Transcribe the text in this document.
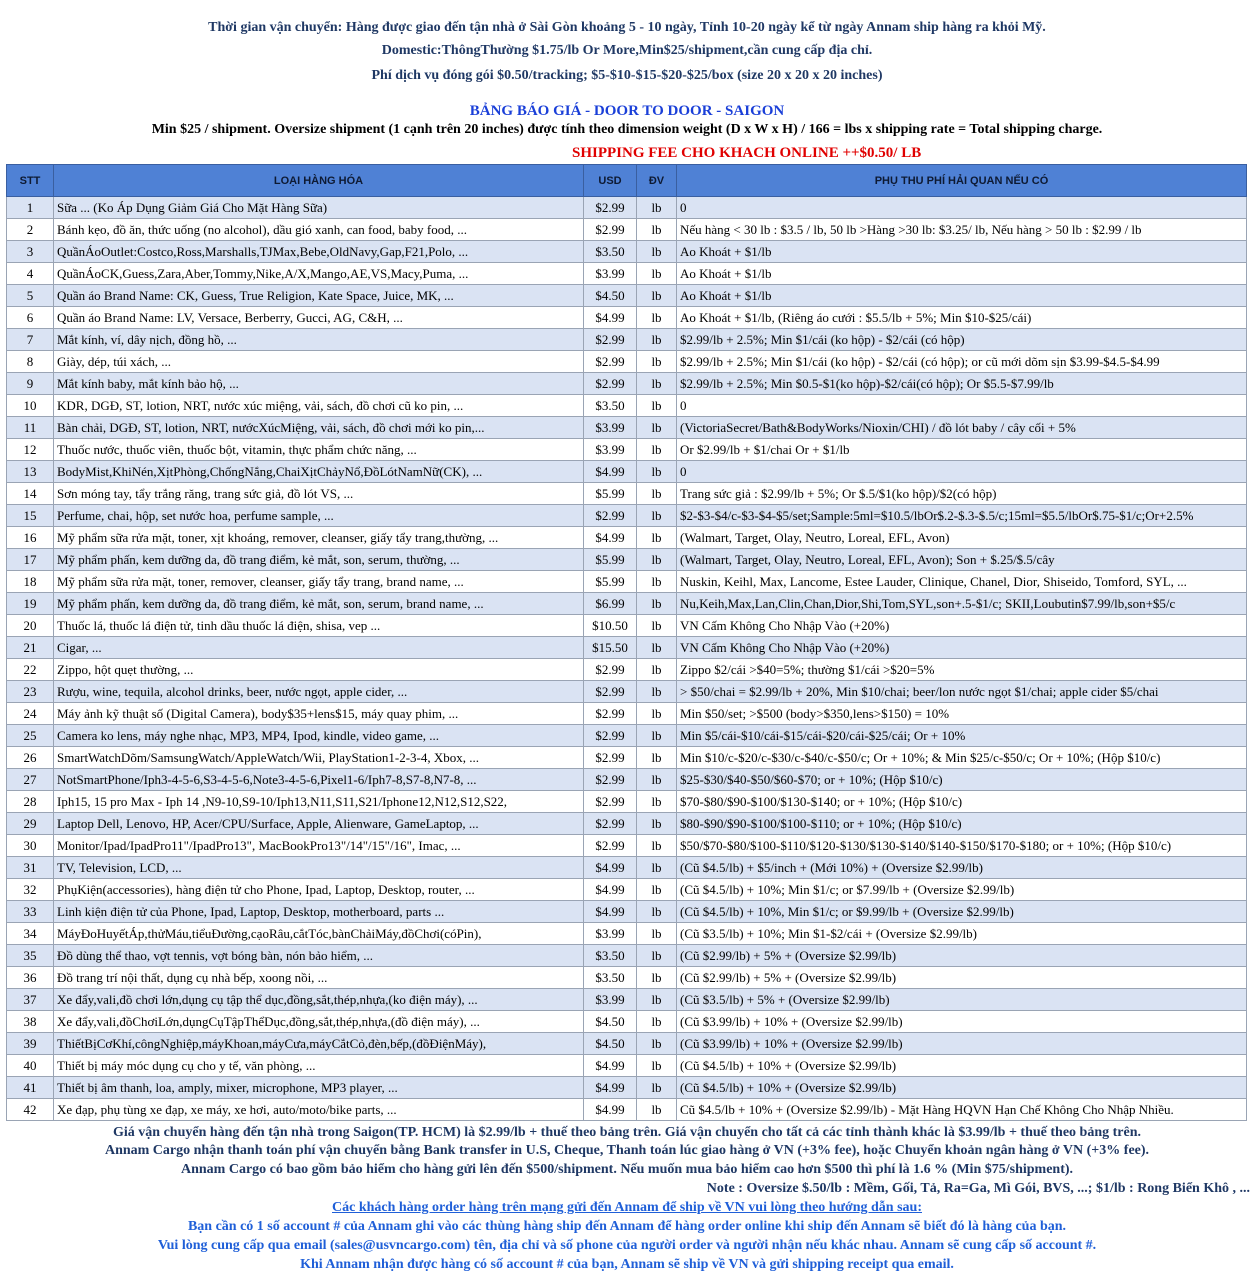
Thời gian vận chuyển: Hàng được giao đến tận nhà ở Sài Gòn khoảng 5 - 10 ngày, Tỉnh 10-20 ngày kể từ ngày Annam ship hàng ra khỏi Mỹ.
Domestic:ThôngThường $1.75/lb Or More,Min$25/shipment,cần cung cấp địa chỉ.
Phí dịch vụ đóng gói $0.50/tracking; $5-$10-$15-$20-$25/box (size 20 x 20 x 20 inches)
BẢNG BÁO GIÁ - DOOR TO DOOR - SAIGON
Min $25 / shipment. Oversize shipment (1 cạnh trên 20 inches) được tính theo dimension weight (D x W x H) / 166 = lbs x shipping rate = Total shipping charge.
SHIPPING FEE CHO KHACH ONLINE ++$0.50/ LB
STT	LOẠI HÀNG HÓA	USD	ĐV	PHỤ THU PHÍ HẢI QUAN NẾU CÓ
1	Sữa ... (Ko Áp Dụng Giảm Giá Cho Mặt Hàng Sữa)	$2.99	lb	0
2	Bánh kẹo, đồ ăn, thức uống (no alcohol), dầu gió xanh, can food, baby food, ...	$2.99	lb	Nếu hàng < 30 lb : $3.5 / lb, 50 lb >Hàng >30 lb: $3.25/ lb, Nếu hàng > 50 lb : $2.99 / lb
3	QuầnÁoOutlet:Costco,Ross,Marshalls,TJMax,Bebe,OldNavy,Gap,F21,Polo, ...	$3.50	lb	Ao Khoát + $1/lb
4	QuầnÁoCK,Guess,Zara,Aber,Tommy,Nike,A/X,Mango,AE,VS,Macy,Puma, ...	$3.99	lb	Ao Khoát + $1/lb
5	Quần áo Brand Name: CK, Guess, True Religion, Kate Space, Juice, MK, ...	$4.50	lb	Ao Khoát + $1/lb
6	Quần áo Brand Name: LV, Versace, Berberry, Gucci, AG, C&H, ...	$4.99	lb	Ao Khoát + $1/lb, (Riêng áo cưới : $5.5/lb + 5%; Min $10-$25/cái)
7	Mắt kính, ví, dây nịch, đồng hồ, ...	$2.99	lb	$2.99/lb + 2.5%; Min $1/cái (ko hộp) - $2/cái (có hộp)
8	Giày, dép, túi xách, ...	$2.99	lb	$2.99/lb + 2.5%; Min $1/cái (ko hộp) - $2/cái (có hộp); or cũ mới dõm sịn $3.99-$4.5-$4.99
9	Mắt kính baby, mắt kính bảo hộ, ...	$2.99	lb	$2.99/lb + 2.5%; Min $0.5-$1(ko hộp)-$2/cái(có hộp); Or $5.5-$7.99/lb
10	KDR, DGĐ, ST, lotion, NRT, nước xúc miệng, vải, sách, đồ chơi cũ ko pin, ...	$3.50	lb	0
11	Bàn chải, DGĐ, ST, lotion, NRT, nướcXúcMiệng, vải, sách, đồ chơi mới ko pin,...	$3.99	lb	(VictoriaSecret/Bath&BodyWorks/Nioxin/CHI) / đồ lót baby / cây cối + 5%
12	Thuốc nước, thuốc viên, thuốc bột, vitamin, thực phẩm chức năng, ...	$3.99	lb	Or $2.99/lb + $1/chai Or + $1/lb
13	BodyMist,KhiNén,XịtPhòng,ChốngNắng,ChaiXịtChảyNổ,ĐồLótNamNữ(CK), ...	$4.99	lb	0
14	Sơn móng tay, tẩy trắng răng, trang sức giả, đồ lót VS, ...	$5.99	lb	Trang sức giả : $2.99/lb + 5%; Or $.5/$1(ko hộp)/$2(có hộp)
15	Perfume, chai, hộp, set nước hoa, perfume sample, ...	$2.99	lb	$2-$3-$4/c-$3-$4-$5/set;Sample:5ml=$10.5/lbOr$.2-$.3-$.5/c;15ml=$5.5/lbOr$.75-$1/c;Or+2.5%
16	Mỹ phẩm sữa rửa mặt, toner, xịt khoáng, remover, cleanser, giấy tẩy trang,thường, ...	$4.99	lb	(Walmart, Target, Olay, Neutro, Loreal, EFL, Avon)
17	Mỹ phẩm phấn, kem dưỡng da, đồ trang điểm, kẻ mắt, son, serum, thường, ...	$5.99	lb	(Walmart, Target, Olay, Neutro, Loreal, EFL, Avon); Son + $.25/$.5/cây
18	Mỹ phẩm sữa rửa mặt, toner, remover, cleanser, giấy tẩy trang, brand name, ...	$5.99	lb	Nuskin, Keihl, Max, Lancome, Estee Lauder, Clinique, Chanel, Dior, Shiseido, Tomford, SYL, ...
19	Mỹ phẩm phấn, kem dưỡng da, đồ trang điểm, kẻ mắt, son, serum, brand name, ...	$6.99	lb	Nu,Keih,Max,Lan,Clin,Chan,Dior,Shi,Tom,SYL,son+.5-$1/c; SKII,Loubutin$7.99/lb,son+$5/c
20	Thuốc lá, thuốc lá điện tử, tinh dầu thuốc lá điện, shisa, vep ...	$10.50	lb	VN Cấm Không Cho Nhập Vào (+20%)
21	Cigar, ...	$15.50	lb	VN Cấm Không Cho Nhập Vào (+20%)
22	Zippo, hột quẹt thường, ...	$2.99	lb	Zippo $2/cái >$40=5%; thường $1/cái >$20=5%
23	Rượu, wine, tequila, alcohol drinks, beer, nước ngọt, apple cider, ...	$2.99	lb	> $50/chai = $2.99/lb + 20%, Min $10/chai; beer/lon nước ngọt $1/chai; apple cider $5/chai
24	Máy ảnh kỹ thuật số (Digital Camera), body$35+lens$15, máy quay phim, ...	$2.99	lb	Min $50/set; >$500 (body>$350,lens>$150) = 10%
25	Camera ko lens, máy nghe nhạc, MP3, MP4, Ipod, kindle, video game, ...	$2.99	lb	Min $5/cái-$10/cái-$15/cái-$20/cái-$25/cái; Or + 10%
26	SmartWatchDõm/SamsungWatch/AppleWatch/Wii, PlayStation1-2-3-4, Xbox, ...	$2.99	lb	Min $10/c-$20/c-$30/c-$40/c-$50/c; Or + 10%; & Min $25/c-$50/c; Or + 10%; (Hộp $10/c)
27	NotSmartPhone/Iph3-4-5-6,S3-4-5-6,Note3-4-5-6,Pixel1-6/Iph7-8,S7-8,N7-8, ...	$2.99	lb	$25-$30/$40-$50/$60-$70; or + 10%; (Hộp $10/c)
28	Iph15, 15 pro Max - Iph 14 ,N9-10,S9-10/Iph13,N11,S11,S21/Iphone12,N12,S12,S22,	$2.99	lb	$70-$80/$90-$100/$130-$140; or + 10%; (Hộp $10/c)
29	Laptop Dell, Lenovo, HP, Acer/CPU/Surface, Apple, Alienware, GameLaptop, ...	$2.99	lb	$80-$90/$90-$100/$100-$110; or + 10%; (Hộp $10/c)
30	Monitor/Ipad/IpadPro11"/IpadPro13", MacBookPro13"/14"/15"/16", Imac, ...	$2.99	lb	$50/$70-$80/$100-$110/$120-$130/$130-$140/$140-$150/$170-$180; or + 10%; (Hộp $10/c)
31	TV, Television, LCD, ...	$4.99	lb	(Cũ $4.5/lb) + $5/inch + (Mới 10%) + (Oversize $2.99/lb)
32	PhụKiện(accessories), hàng điện tử cho Phone, Ipad, Laptop, Desktop, router, ...	$4.99	lb	(Cũ $4.5/lb) + 10%; Min $1/c; or $7.99/lb + (Oversize $2.99/lb)
33	Linh kiện điện tử của Phone, Ipad, Laptop, Desktop, motherboard, parts ...	$4.99	lb	(Cũ $4.5/lb) + 10%, Min $1/c; or $9.99/lb + (Oversize $2.99/lb)
34	MáyĐoHuyếtÁp,thửMáu,tiểuĐường,cạoRâu,cắtTóc,bànChảiMáy,đồChơi(cóPin),	$3.99	lb	(Cũ $3.5/lb) + 10%; Min $1-$2/cái + (Oversize $2.99/lb)
35	Đồ dùng thể thao, vợt tennis, vợt bóng bàn, nón bảo hiểm, ...	$3.50	lb	(Cũ $2.99/lb) + 5% + (Oversize $2.99/lb)
36	Đồ trang trí nội thất, dụng cụ nhà bếp, xoong nồi, ...	$3.50	lb	(Cũ $2.99/lb) + 5% + (Oversize $2.99/lb)
37	Xe đẩy,vali,đồ chơi lớn,dụng cụ tập thể dục,đồng,sắt,thép,nhựa,(ko điện máy), ...	$3.99	lb	(Cũ $3.5/lb) + 5% + (Oversize $2.99/lb)
38	Xe đẩy,vali,đồChơiLớn,dụngCụTậpThểDục,đồng,sắt,thép,nhựa,(đồ điện máy), ...	$4.50	lb	(Cũ $3.99/lb) + 10% + (Oversize $2.99/lb)
39	ThiếtBịCơKhí,côngNghiệp,máyKhoan,máyCưa,máyCắtCỏ,đèn,bếp,(đồĐiệnMáy),	$4.50	lb	(Cũ $3.99/lb) + 10% + (Oversize $2.99/lb)
40	Thiết bị máy móc dụng cụ cho y tế, văn phòng, ...	$4.99	lb	(Cũ $4.5/lb) + 10% + (Oversize $2.99/lb)
41	Thiết bị âm thanh, loa, amply, mixer, microphone, MP3 player, ...	$4.99	lb	(Cũ $4.5/lb) + 10% + (Oversize $2.99/lb)
42	Xe đạp, phụ tùng xe đạp, xe máy, xe hơi, auto/moto/bike parts, ...	$4.99	lb	Cũ $4.5/lb + 10% + (Oversize $2.99/lb) - Mặt Hàng HQVN Hạn Chế Không Cho Nhập Nhiều.
Giá vận chuyển hàng đến tận nhà trong Saigon(TP. HCM) là $2.99/lb + thuế theo bảng trên. Giá vận chuyển cho tất cả các tỉnh thành khác là $3.99/lb + thuế theo bảng trên.
Annam Cargo nhận thanh toán phí vận chuyển bằng Bank transfer in U.S, Cheque, Thanh toán lúc giao hàng ở VN (+3% fee), hoặc Chuyển khoản ngân hàng ở VN (+3% fee).
Annam Cargo có bao gồm bảo hiểm cho hàng gửi lên đến $500/shipment. Nếu muốn mua bảo hiểm cao hơn $500 thì phí là 1.6 % (Min $75/shipment).
Note : Oversize $.50/lb : Mềm, Gối, Tả, Ra=Ga, Mì Gói, BVS, ...; $1/lb : Rong Biển Khô , ...
Các khách hàng order hàng trên mạng gửi đến Annam để ship về VN vui lòng theo hướng dẫn sau:
Bạn cần có 1 số account # của Annam ghi vào các thùng hàng ship đến Annam để hàng order online khi ship đến Annam sẽ biết đó là hàng của bạn.
Vui lòng cung cấp qua email (sales@usvncargo.com) tên, địa chỉ và số phone của người order và người nhận nếu khác nhau. Annam sẽ cung cấp số account #.
Khi Annam nhận được hàng có số account # của bạn, Annam sẽ ship về VN và gửi shipping receipt qua email.
